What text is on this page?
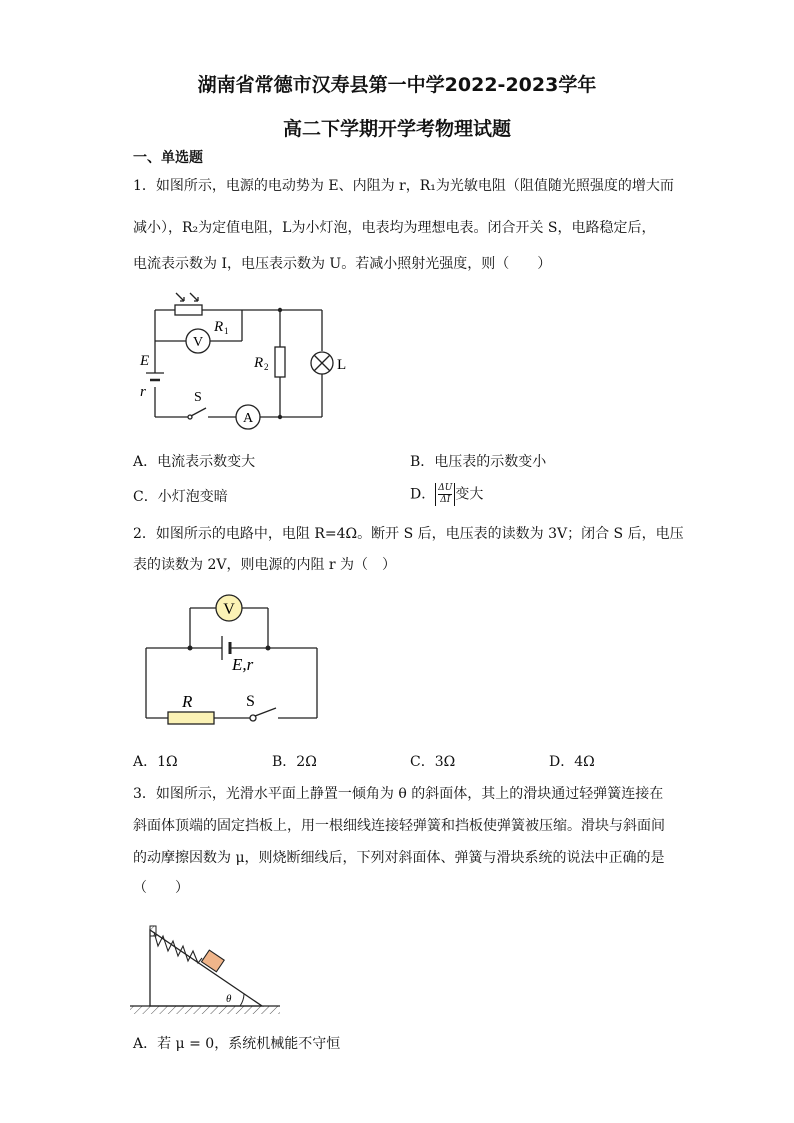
湖南省常德市汉寿县第一中学2022-2023学年
高二下学期开学考物理试题
一、单选题
1．如图所示，电源的电动势为 E、内阻为 r，R₁为光敏电阻（阻值随光照强度的增大而
减小），R₂为定值电阻，L为小灯泡，电表均为理想电表。闭合开关 S，电路稳定后，
电流表示数为 I，电压表示数为 U。若减小照射光强度，则（　　）
V
A
R 1
R 2
E
r	S
L
A．电流表示数变大	B．电压表的示数变小
C．小灯泡变暗	D． $\frac{\Delta U}{\Delta I}$变大
2．如图所示的电路中，电阻 R=4Ω。断开 S 后，电压表的读数为 3V；闭合 S 后，电压
表的读数为 2V，则电源的内阻 r 为（　）
V
E,r
R	S
A．1Ω	B．2Ω	C．3Ω	D．4Ω
3．如图所示，光滑水平面上静置一倾角为 θ 的斜面体，其上的滑块通过轻弹簧连接在
斜面体顶端的固定挡板上，用一根细线连接轻弹簧和挡板使弹簧被压缩。滑块与斜面间
的动摩擦因数为 μ，则烧断细线后，下列对斜面体、弹簧与滑块系统的说法中正确的是
（　　）
θ
A．若 μ = 0，系统机械能不守恒
